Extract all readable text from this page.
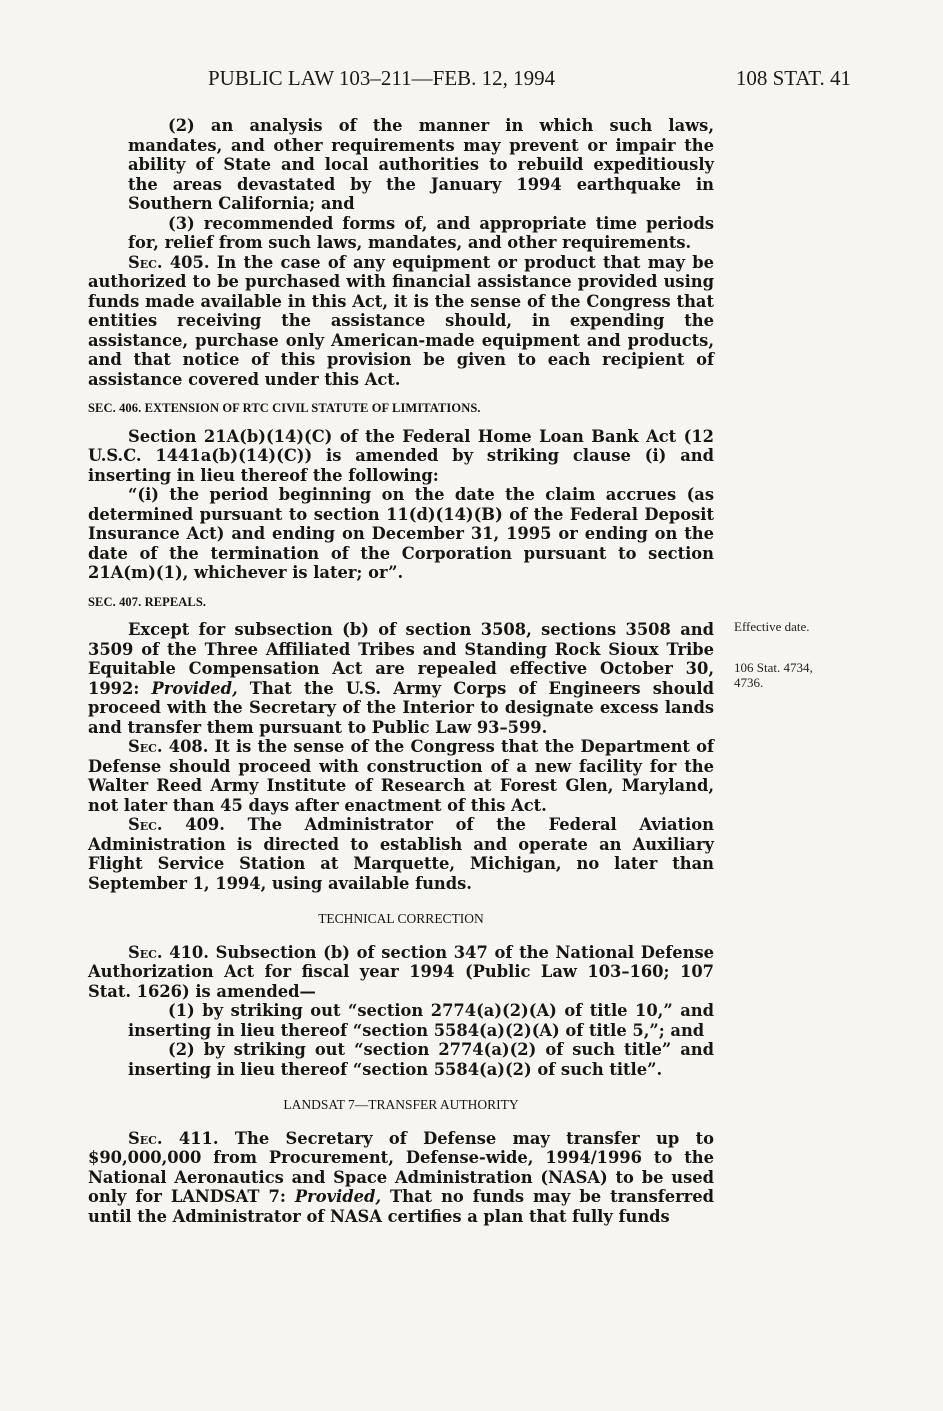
PUBLIC LAW 103–211—FEB. 12, 1994	108 STAT. 41
Effective date.
106 Stat. 4734, 4736.

(2) an analysis of the manner in which such laws, mandates, and other requirements may prevent or impair the ability of State and local authorities to rebuild expeditiously the areas devastated by the January 1994 earthquake in Southern California; and

(3) recommended forms of, and appropriate time periods for, relief from such laws, mandates, and other requirements.

Sec. 405. In the case of any equipment or product that may be authorized to be purchased with financial assistance provided using funds made available in this Act, it is the sense of the Congress that entities receiving the assistance should, in expending the assistance, purchase only American-made equipment and products, and that notice of this provision be given to each recipient of assistance covered under this Act.

SEC. 406. EXTENSION OF RTC CIVIL STATUTE OF LIMITATIONS.

Section 21A(b)(14)(C) of the Federal Home Loan Bank Act (12 U.S.C. 1441a(b)(14)(C)) is amended by striking clause (i) and inserting in lieu thereof the following:

“(i) the period beginning on the date the claim accrues (as determined pursuant to section 11(d)(14)(B) of the Federal Deposit Insurance Act) and ending on December 31, 1995 or ending on the date of the termination of the Corporation pursuant to section 21A(m)(1), whichever is later; or”.

SEC. 407. REPEALS.

Except for subsection (b) of section 3508, sections 3508 and 3509 of the Three Affiliated Tribes and Standing Rock Sioux Tribe Equitable Compensation Act are repealed effective October 30, 1992: Provided, That the U.S. Army Corps of Engineers should proceed with the Secretary of the Interior to designate excess lands and transfer them pursuant to Public Law 93–599.

Sec. 408. It is the sense of the Congress that the Department of Defense should proceed with construction of a new facility for the Walter Reed Army Institute of Research at Forest Glen, Maryland, not later than 45 days after enactment of this Act.

Sec. 409. The Administrator of the Federal Aviation Administration is directed to establish and operate an Auxiliary Flight Service Station at Marquette, Michigan, no later than September 1, 1994, using available funds.

TECHNICAL CORRECTION

Sec. 410. Subsection (b) of section 347 of the National Defense Authorization Act for fiscal year 1994 (Public Law 103–160; 107 Stat. 1626) is amended—

(1) by striking out “section 2774(a)(2)(A) of title 10,” and inserting in lieu thereof “section 5584(a)(2)(A) of title 5,”; and

(2) by striking out “section 2774(a)(2) of such title” and inserting in lieu thereof “section 5584(a)(2) of such title”.

LANDSAT 7—TRANSFER AUTHORITY

Sec. 411. The Secretary of Defense may transfer up to $90,000,000 from Procurement, Defense-wide, 1994/1996 to the National Aeronautics and Space Administration (NASA) to be used only for LANDSAT 7: Provided, That no funds may be transferred until the Administrator of NASA certifies a plan that fully funds
